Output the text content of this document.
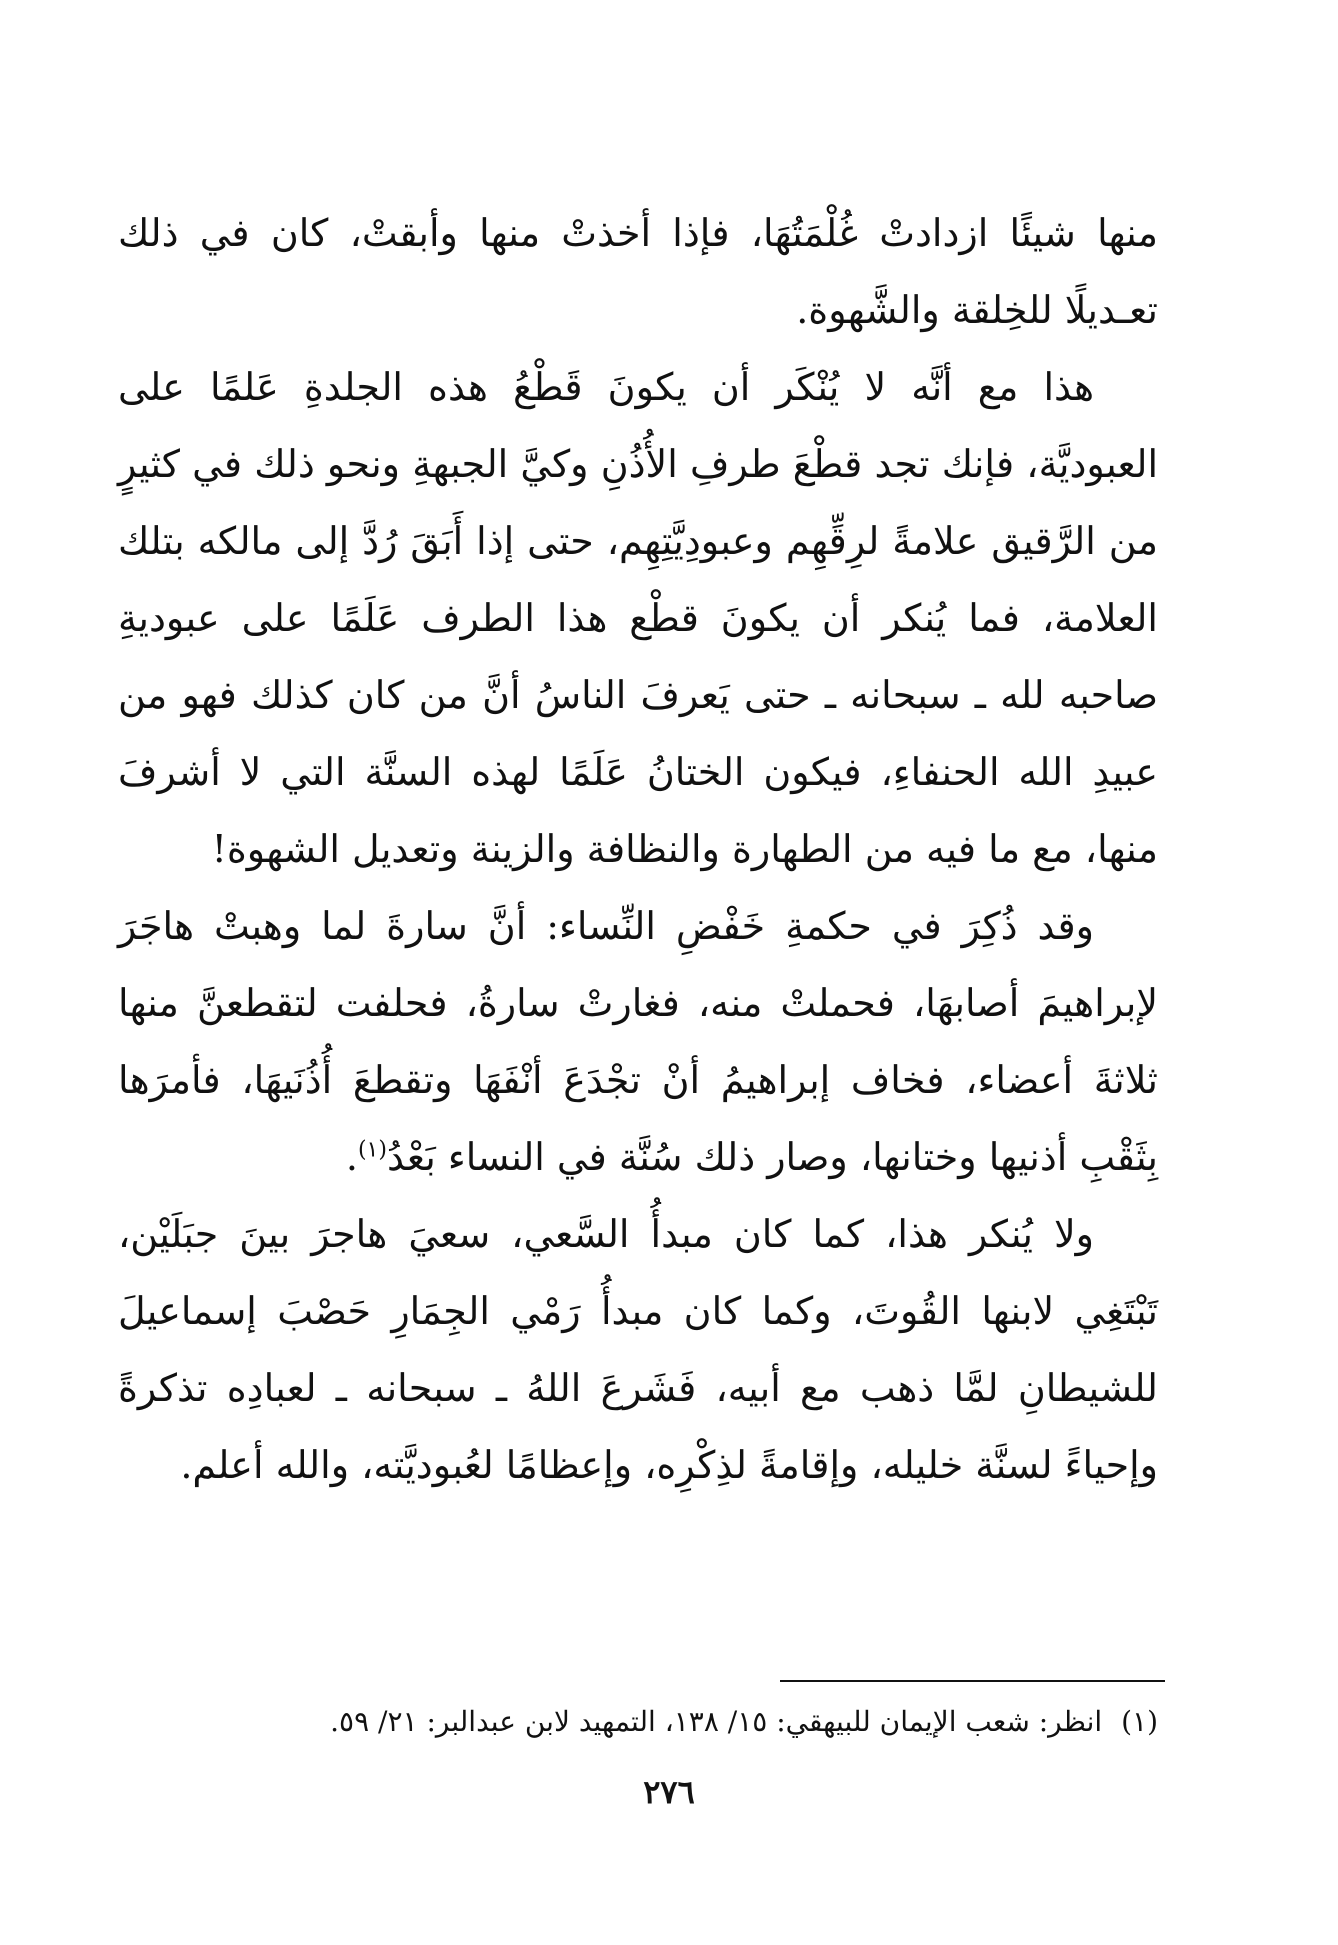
منها شيئًا ازدادتْ غُلْمَتُهَا، فإذا أخذتْ منها وأبقتْ، كان في ذلك تعـديلًا للخِلقة والشَّهوة.

هذا مع أنَّه لا يُنْكَر أن يكونَ قَطْعُ هذه الجلدةِ عَلمًا على العبوديَّة، فإنك تجد قطْعَ طرفِ الأُذُنِ وكيَّ الجبهةِ ونحو ذلك في كثيرٍ من الرَّقيق علامةً لرِقِّهِم وعبودِيَّتِهِم، حتى إذا أَبَقَ رُدَّ إلى مالكه بتلك العلامة، فما يُنكر أن يكونَ قطْع هذا الطرف عَلَمًا على عبوديةِ صاحبه لله ـ سبحانه ـ حتى يَعرفَ الناسُ أنَّ من كان كذلك فهو من عبيدِ الله الحنفاءِ، فيكون الختانُ عَلَمًا لهذه السنَّة التي لا أشرفَ منها، مع ما فيه من الطهارة والنظافة والزينة وتعديل الشهوة!

وقد ذُكِرَ في حكمةِ خَفْضِ النِّساء: أنَّ سارةَ لما وهبتْ هاجَرَ لإبراهيمَ أصابهَا، فحملتْ منه، فغارتْ سارةُ، فحلفت لتقطعنَّ منها ثلاثةَ أعضاء، فخاف إبراهيمُ أنْ تجْدَعَ أنْفَهَا وتقطعَ أُذُنَيهَا، فأمرَها بِثَقْبِ أذنيها وختانها، وصار ذلك سُنَّة في النساء بَعْدُ$^{(١)}$.

ولا يُنكر هذا، كما كان مبدأُ السَّعي، سعيَ هاجرَ بينَ جبَلَيْن، تَبْتَغِي لابنها القُوتَ، وكما كان مبدأُ رَمْي الجِمَارِ حَصْبَ إسماعيلَ للشيطانِ لمَّا ذهب مع أبيه، فَشَرعَ اللهُ ـ سبحانه ـ لعبادِه تذكرةً وإحياءً لسنَّة خليله، وإقامةً لذِكْرِه، وإعظامًا لعُبوديَّته، والله أعلم.

(١) انظر: شعب الإيمان للبيهقي: ١٥/ ١٣٨، التمهيد لابن عبدالبر: ٢١/ ٥٩.
٢٧٦
